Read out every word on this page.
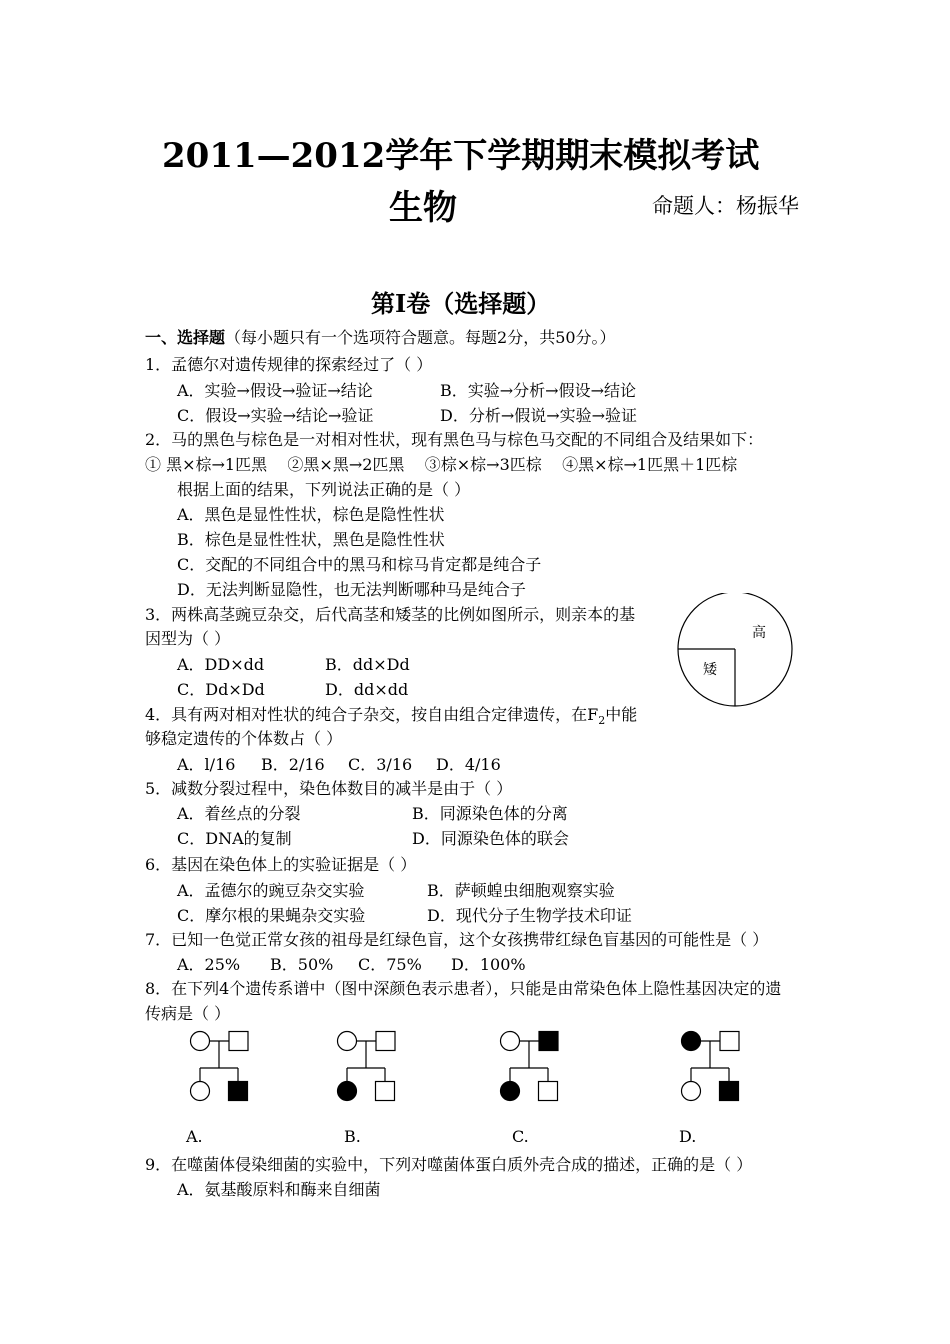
2011—2012学年下学期期末模拟考试
生物	命题人：杨振华
第Ⅰ卷（选择题）
一、选择题（每小题只有一个选项符合题意。每题2分，共50分。）
1．孟德尔对遗传规律的探索经过了（ ）
A．实验→假设→验证→结论	B．实验→分析→假设→结论
C．假设→实验→结论→验证	D．分析→假说→实验→验证
2．马的黑色与棕色是一对相对性状，现有黑色马与棕色马交配的不同组合及结果如下：
① 黑×棕→1匹黑    ②黑×黑→2匹黑    ③棕×棕→3匹棕    ④黑×棕→1匹黑＋1匹棕
根据上面的结果，下列说法正确的是（ ）
A．黑色是显性性状，棕色是隐性性状
B．棕色是显性性状，黑色是隐性性状
C．交配的不同组合中的黑马和棕马肯定都是纯合子
D．无法判断显隐性，也无法判断哪种马是纯合子
3．两株高茎豌豆杂交，后代高茎和矮茎的比例如图所示，则亲本的基
因型为（ ）
A．DD×dd	B．dd×Dd
C．Dd×Dd	D．dd×dd
高
矮
4．具有两对相对性状的纯合子杂交，按自由组合定律遗传，在$F_2$中能
够稳定遗传的个体数占（ ）
A．l/16 B．2/16 C．3/16 D．4/16
5．减数分裂过程中，染色体数目的减半是由于（ ）
A．着丝点的分裂	B．同源染色体的分离
C．DNA的复制	D．同源染色体的联会
6．基因在染色体上的实验证据是（ ）
A．孟德尔的豌豆杂交实验	B．萨顿蝗虫细胞观察实验
C．摩尔根的果蝇杂交实验	D．现代分子生物学技术印证
7．已知一色觉正常女孩的祖母是红绿色盲，这个女孩携带红绿色盲基因的可能性是（ ）
A．25% B．50% C．75% D．100%
8．在下列4个遗传系谱中（图中深颜色表示患者），只能是由常染色体上隐性基因决定的遗
传病是（ ）
A.	B.	C.	D.
9．在噬菌体侵染细菌的实验中，下列对噬菌体蛋白质外壳合成的描述，正确的是（ ）
A．氨基酸原料和酶来自细菌
